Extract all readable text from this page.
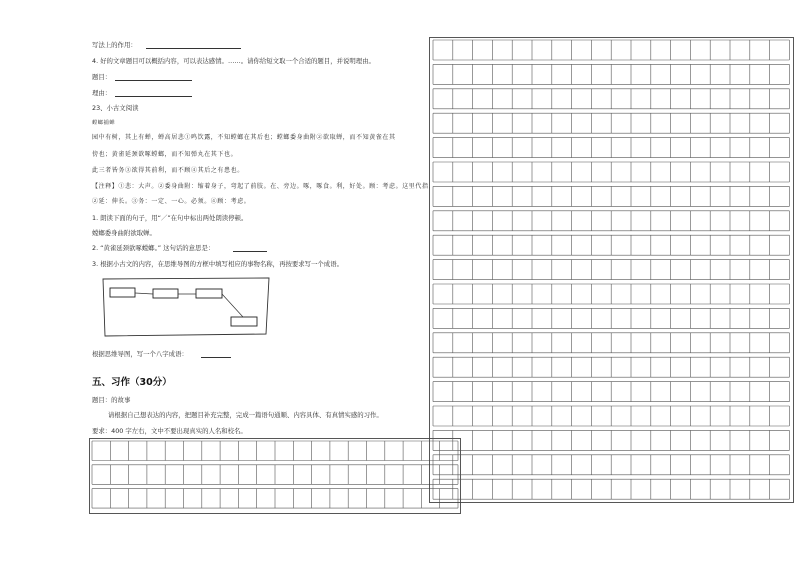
写法上的作用：
4. 好的文章题目可以概括内容，可以表达感情。……。请你给短文取一个合适的题目，并说明理由。
题目：
理由：
23、小古文阅读
螳螂捕蝉
园中有树，其上有蝉，蝉高居悲①鸣饮露，不知螳螂在其后也；螳螂委身曲附②欲取蝉，而不知黄雀在其
傍也；黄雀延颈欲啄螳螂，而不知弹丸在其下也。
此三者皆务③欲得其前利，而不顾④其后之有患也。
【注释】①悲：大声。②委身曲附：缩着身子，弯起了前肢。在、旁边。啄，啄食。利，好处。顾：考虑。这里代指，
②延：伸长。③务：一定、一心。必须。④顾：考虑。
1. 朗读下面的句子，用“／”在句中标出两处朗读停顿。
螳螂委身曲附欲取蝉。
2. “黄雀延颈欲啄螳螂。” 这句话的意思是：
3. 根据小古文的内容，在思维导图的方框中填写相应的事物名称，再按要求写一个成语。
根据思维导图，写一个八字成语：
五、习作（30分）
题目：的故事
请根据自己想表达的内容，把题目补充完整，完成一篇语句通顺、内容具体、有真情实感的习作。
要求：400 字左右，文中不要出现真实的人名和校名。
